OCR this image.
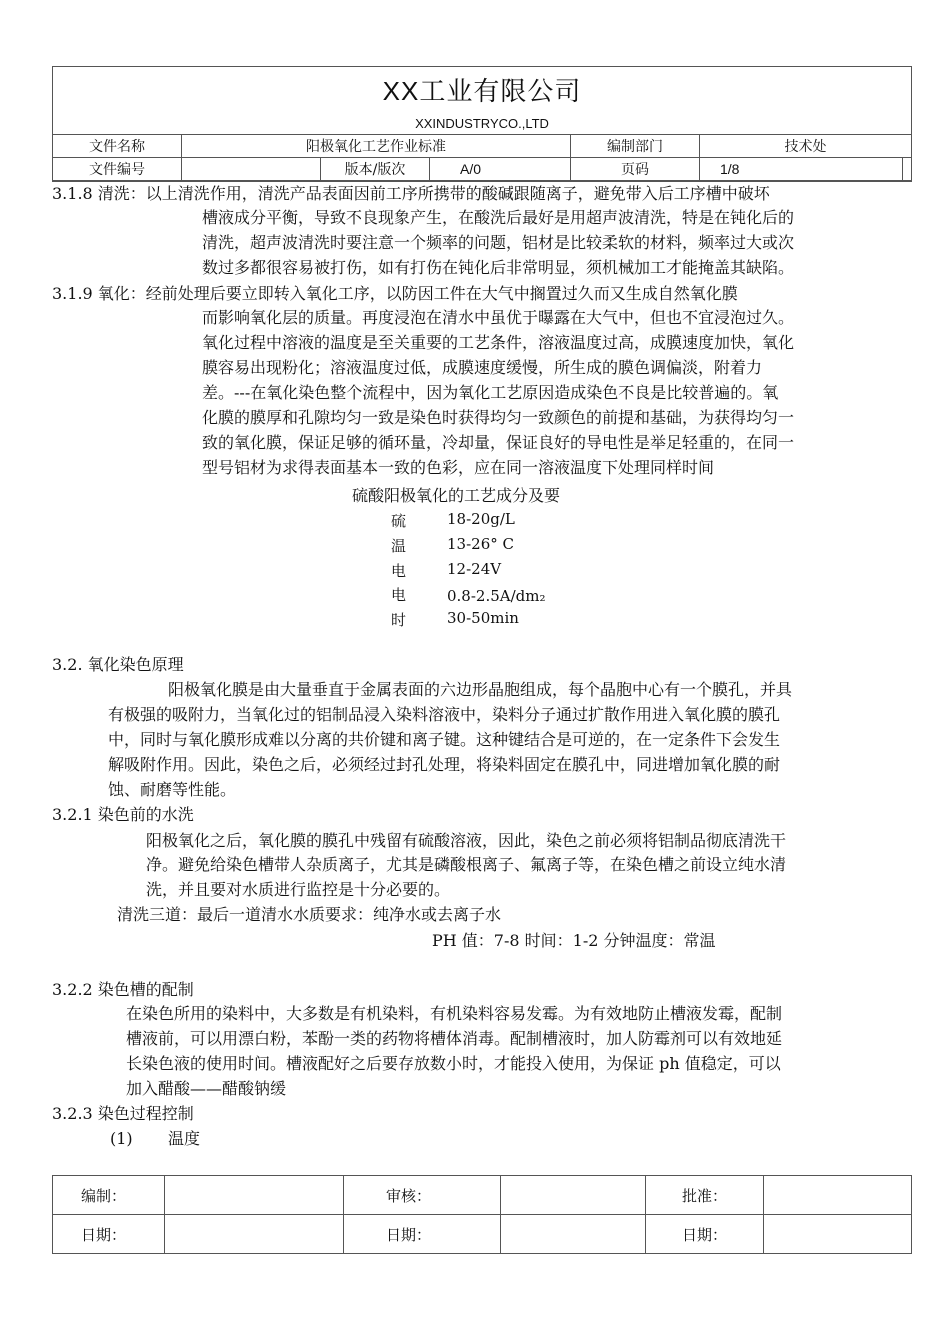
XX工业有限公司
XXINDUSTRYCO.,LTD
文件名称	阳极氧化工艺作业标准			编制部门	技术处	
文件编号		版本/版次	A/0	页码	1/8	
3.1.8 清洗：以上清洗作用，清洗产品表面因前工序所携带的酸碱跟随离子，避免带入后工序槽中破坏
槽液成分平衡，导致不良现象产生，在酸洗后最好是用超声波清洗，特是在钝化后的
清洗，超声波清洗时要注意一个频率的问题，铝材是比较柔软的材料，频率过大或次
数过多都很容易被打伤，如有打伤在钝化后非常明显，须机械加工才能掩盖其缺陷。
3.1.9 氧化：经前处理后要立即转入氧化工序，以防因工件在大气中搁置过久而又生成自然氧化膜
而影响氧化层的质量。再度浸泡在清水中虽优于曝露在大气中，但也不宜浸泡过久。
氧化过程中溶液的温度是至关重要的工艺条件，溶液温度过高，成膜速度加快，氧化
膜容易出现粉化；溶液温度过低，成膜速度缓慢，所生成的膜色调偏淡，附着力
差。---在氧化染色整个流程中，因为氧化工艺原因造成染色不良是比较普遍的。氧
化膜的膜厚和孔隙均匀一致是染色时获得均匀一致颜色的前提和基础，为获得均匀一
致的氧化膜，保证足够的循环量，冷却量，保证良好的导电性是举足轻重的，在同一
型号铝材为求得表面基本一致的色彩，应在同一溶液温度下处理同样时间
硫酸阳极氧化的工艺成分及要
硫	18-20g/L
温	13-26° C
电	12-24V
电	0.8-2.5A/dm₂
时	30-50min
3.2. 氧化染色原理
阳极氧化膜是由大量垂直于金属表面的六边形晶胞组成，每个晶胞中心有一个膜孔，并具
有极强的吸附力，当氧化过的铝制品浸入染料溶液中，染料分子通过扩散作用进入氧化膜的膜孔
中，同时与氧化膜形成难以分离的共价键和离子键。这种键结合是可逆的，在一定条件下会发生
解吸附作用。因此，染色之后，必须经过封孔处理，将染料固定在膜孔中，同进增加氧化膜的耐
蚀、耐磨等性能。
3.2.1 染色前的水洗
阳极氧化之后，氧化膜的膜孔中残留有硫酸溶液，因此，染色之前必须将铝制品彻底清洗干
净。避免给染色槽带人杂质离子，尤其是磷酸根离子、氟离子等，在染色槽之前设立纯水清
洗，并且要对水质进行监控是十分必要的。
清洗三道：最后一道清水水质要求：纯净水或去离子水
PH 值：7-8 时间：1-2 分钟温度：常温
3.2.2 染色槽的配制
在染色所用的染料中，大多数是有机染料，有机染料容易发霉。为有效地防止槽液发霉，配制
槽液前，可以用漂白粉，苯酚一类的药物将槽体消毒。配制槽液时，加人防霉剂可以有效地延
长染色液的使用时间。槽液配好之后要存放数小时，才能投入使用，为保证 ph 值稳定，可以
加入醋酸——醋酸钠缓
3.2.3 染色过程控制
(1) 温度
编制：		审核：		批准：	
日期：		日期：		日期：	
